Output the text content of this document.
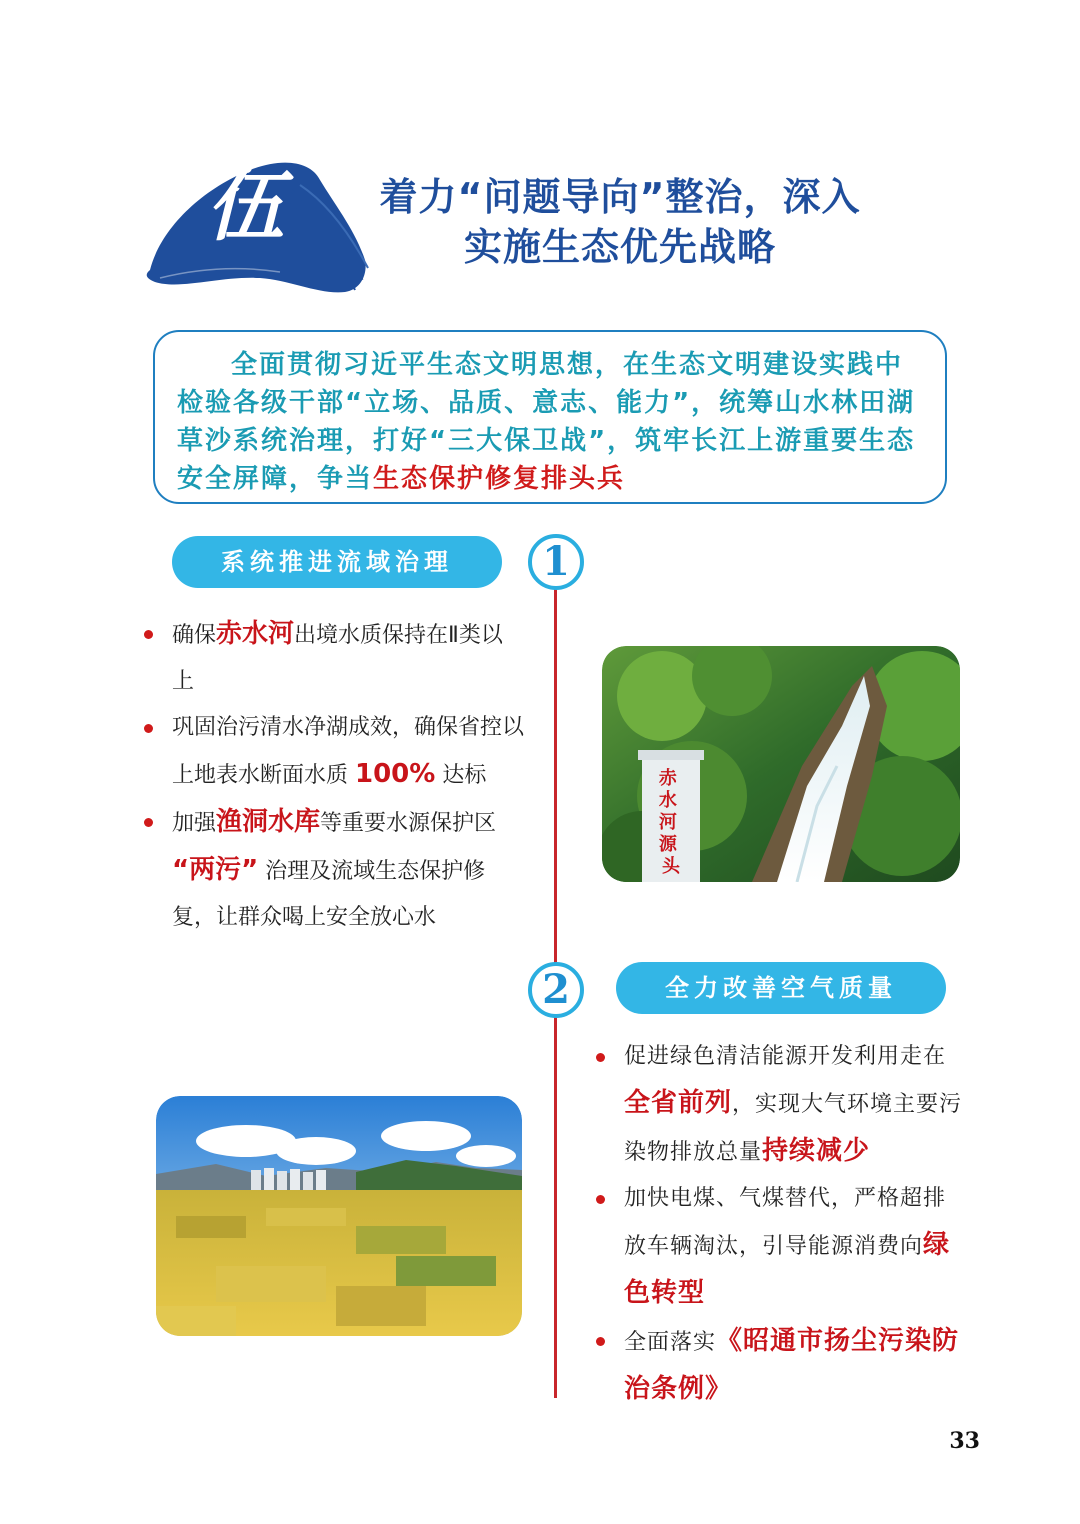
伍	着力“问题导向”整治，深入
实施生态优先战略
全面贯彻习近平生态文明思想，在生态文明建设实践中检验各级干部“立场、品质、意志、能力”，统筹山水林田湖草沙系统治理，打好“三大保卫战”，筑牢长江上游重要生态安全屏障，争当生态保护修复排头兵
系统推进流域治理	1
确保赤水河出境水质保持在Ⅱ类以上
巩固治污清水净湖成效，确保省控以上地表水断面水质 100% 达标
加强渔洞水库等重要水源保护区 “两污” 治理及流域生态保护修复，让群众喝上安全放心水
赤 水 河 源 头
2	全力改善空气质量
促进绿色清洁能源开发利用走在全省前列，实现大气环境主要污染物排放总量持续减少
加快电煤、气煤替代，严格超排放车辆淘汰，引导能源消费向绿色转型
全面落实《昭通市扬尘污染防治条例》
33
